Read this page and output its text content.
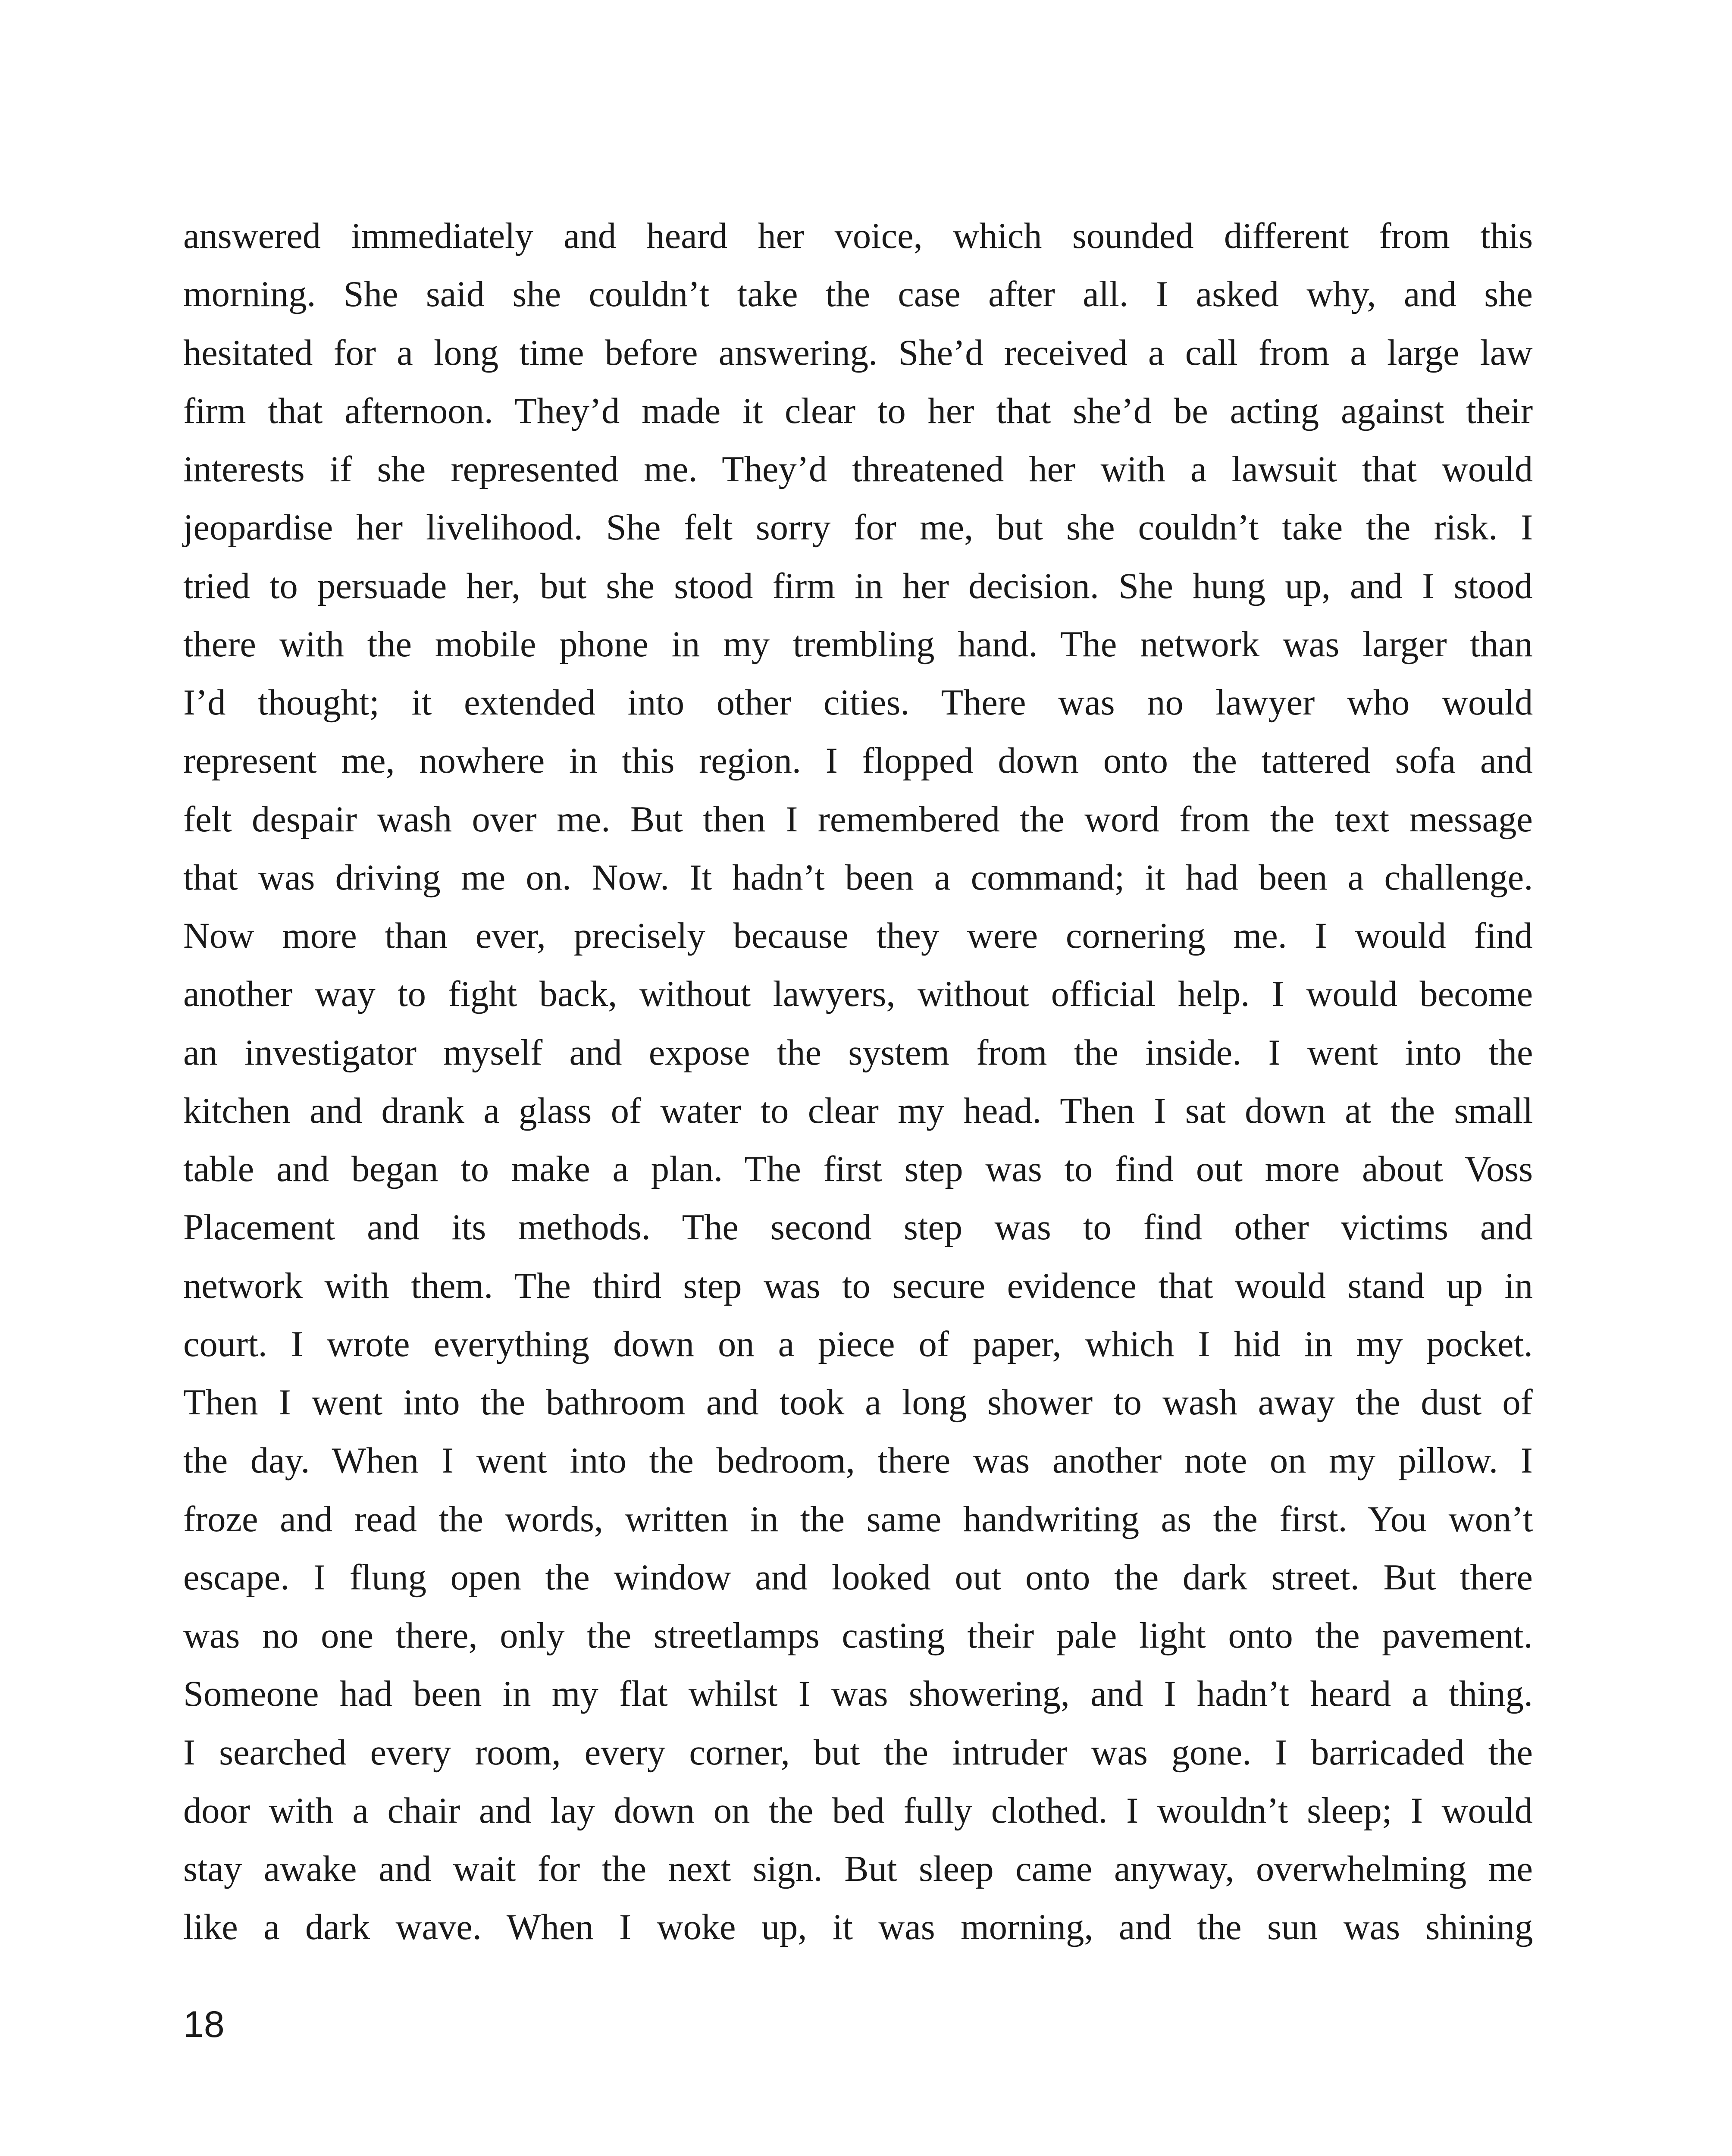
answered immediately and heard her voice, which sounded different from this
morning. She said she couldn’t take the case after all. I asked why, and she
hesitated for a long time before answering. She’d received a call from a large law
firm that afternoon. They’d made it clear to her that she’d be acting against their
interests if she represented me. They’d threatened her with a lawsuit that would
jeopardise her livelihood. She felt sorry for me, but she couldn’t take the risk. I
tried to persuade her, but she stood firm in her decision. She hung up, and I stood
there with the mobile phone in my trembling hand. The network was larger than
I’d thought; it extended into other cities. There was no lawyer who would
represent me, nowhere in this region. I flopped down onto the tattered sofa and
felt despair wash over me. But then I remembered the word from the text message
that was driving me on. Now. It hadn’t been a command; it had been a challenge.
Now more than ever, precisely because they were cornering me. I would find
another way to fight back, without lawyers, without official help. I would become
an investigator myself and expose the system from the inside. I went into the
kitchen and drank a glass of water to clear my head. Then I sat down at the small
table and began to make a plan. The first step was to find out more about Voss
Placement and its methods. The second step was to find other victims and
network with them. The third step was to secure evidence that would stand up in
court. I wrote everything down on a piece of paper, which I hid in my pocket.
Then I went into the bathroom and took a long shower to wash away the dust of
the day. When I went into the bedroom, there was another note on my pillow. I
froze and read the words, written in the same handwriting as the first. You won’t
escape. I flung open the window and looked out onto the dark street. But there
was no one there, only the streetlamps casting their pale light onto the pavement.
Someone had been in my flat whilst I was showering, and I hadn’t heard a thing.
I searched every room, every corner, but the intruder was gone. I barricaded the
door with a chair and lay down on the bed fully clothed. I wouldn’t sleep; I would
stay awake and wait for the next sign. But sleep came anyway, overwhelming me
like a dark wave. When I woke up, it was morning, and the sun was shining

18
